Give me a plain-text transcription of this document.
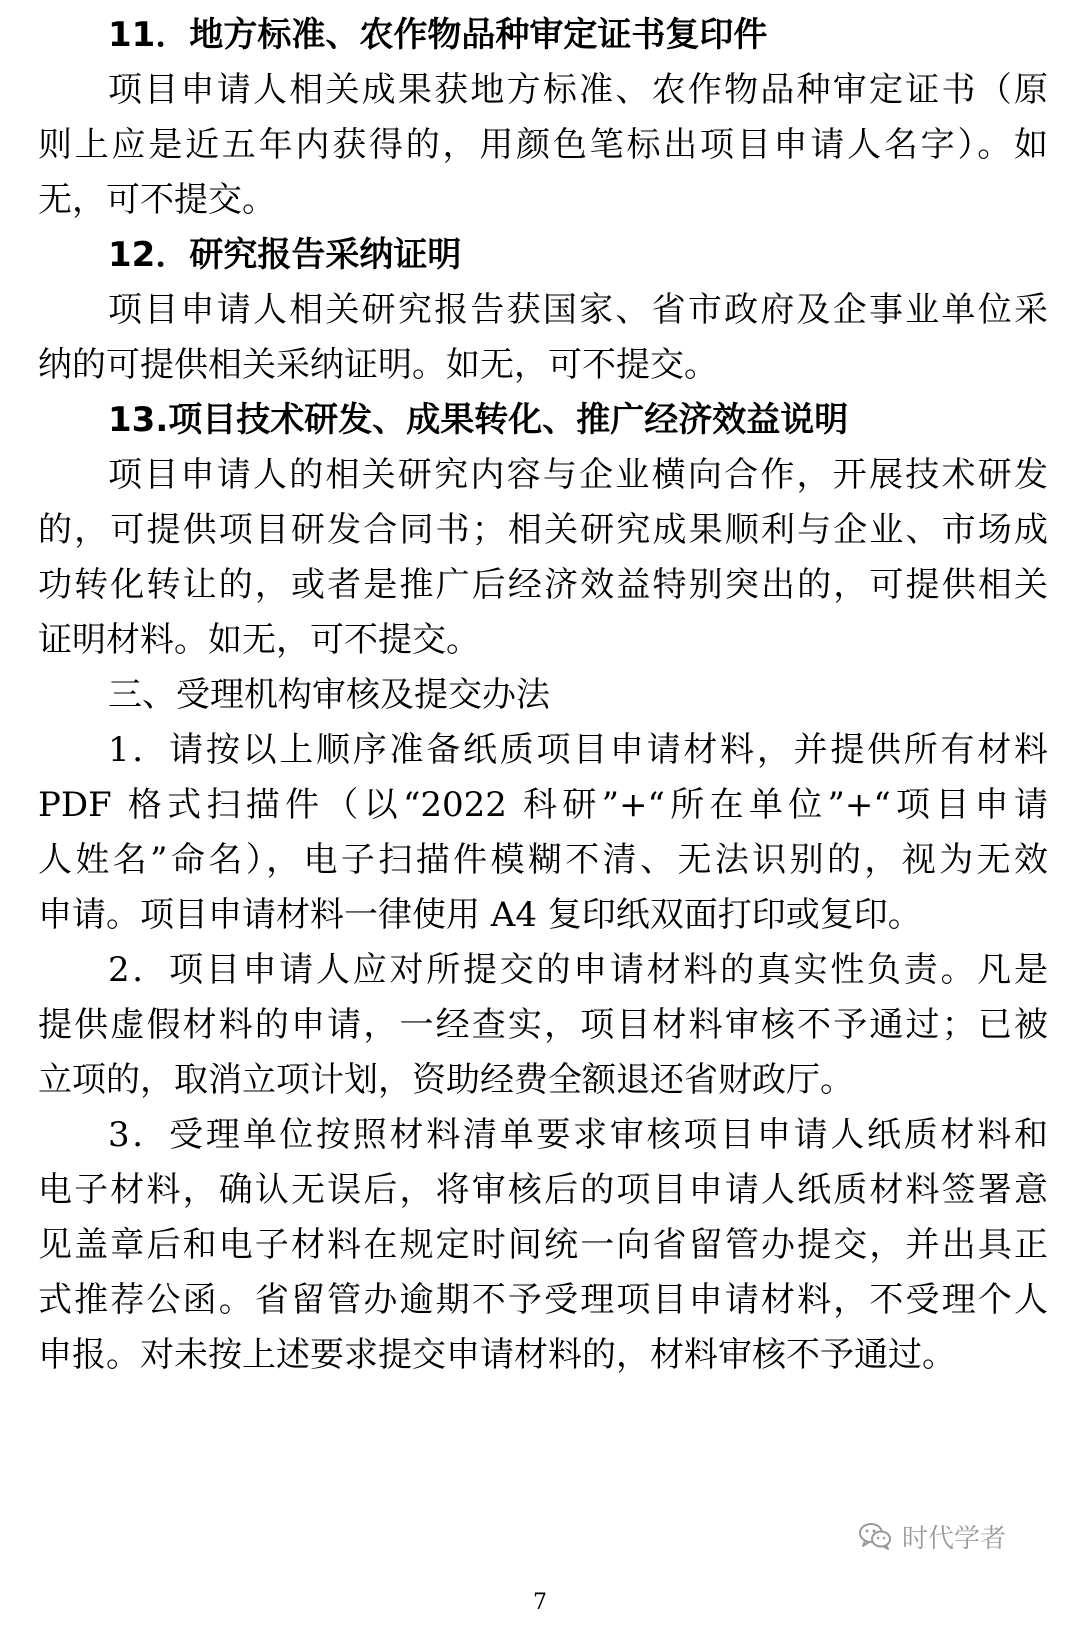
11．地方标准、农作物品种审定证书复印件
项目申请人相关成果获地方标准、农作物品种审定证书（原
则上应是近五年内获得的，用颜色笔标出项目申请人名字）。如
无，可不提交。
12．研究报告采纳证明
项目申请人相关研究报告获国家、省市政府及企事业单位采
纳的可提供相关采纳证明。如无，可不提交。
13.项目技术研发、成果转化、推广经济效益说明
项目申请人的相关研究内容与企业横向合作，开展技术研发
的，可提供项目研发合同书；相关研究成果顺利与企业、市场成
功转化转让的，或者是推广后经济效益特别突出的，可提供相关
证明材料。如无，可不提交。
三、受理机构审核及提交办法
1．请按以上顺序准备纸质项目申请材料，并提供所有材料
PDF 格式扫描件（以“2022 科研”+“所在单位”+“项目申请
人姓名”命名），电子扫描件模糊不清、无法识别的，视为无效
申请。项目申请材料一律使用 A4 复印纸双面打印或复印。
2．项目申请人应对所提交的申请材料的真实性负责。凡是
提供虚假材料的申请，一经查实，项目材料审核不予通过；已被
立项的，取消立项计划，资助经费全额退还省财政厅。
3．受理单位按照材料清单要求审核项目申请人纸质材料和
电子材料，确认无误后，将审核后的项目申请人纸质材料签署意
见盖章后和电子材料在规定时间统一向省留管办提交，并出具正
式推荐公函。省留管办逾期不予受理项目申请材料，不受理个人
申报。对未按上述要求提交申请材料的，材料审核不予通过。
时代学者
7
